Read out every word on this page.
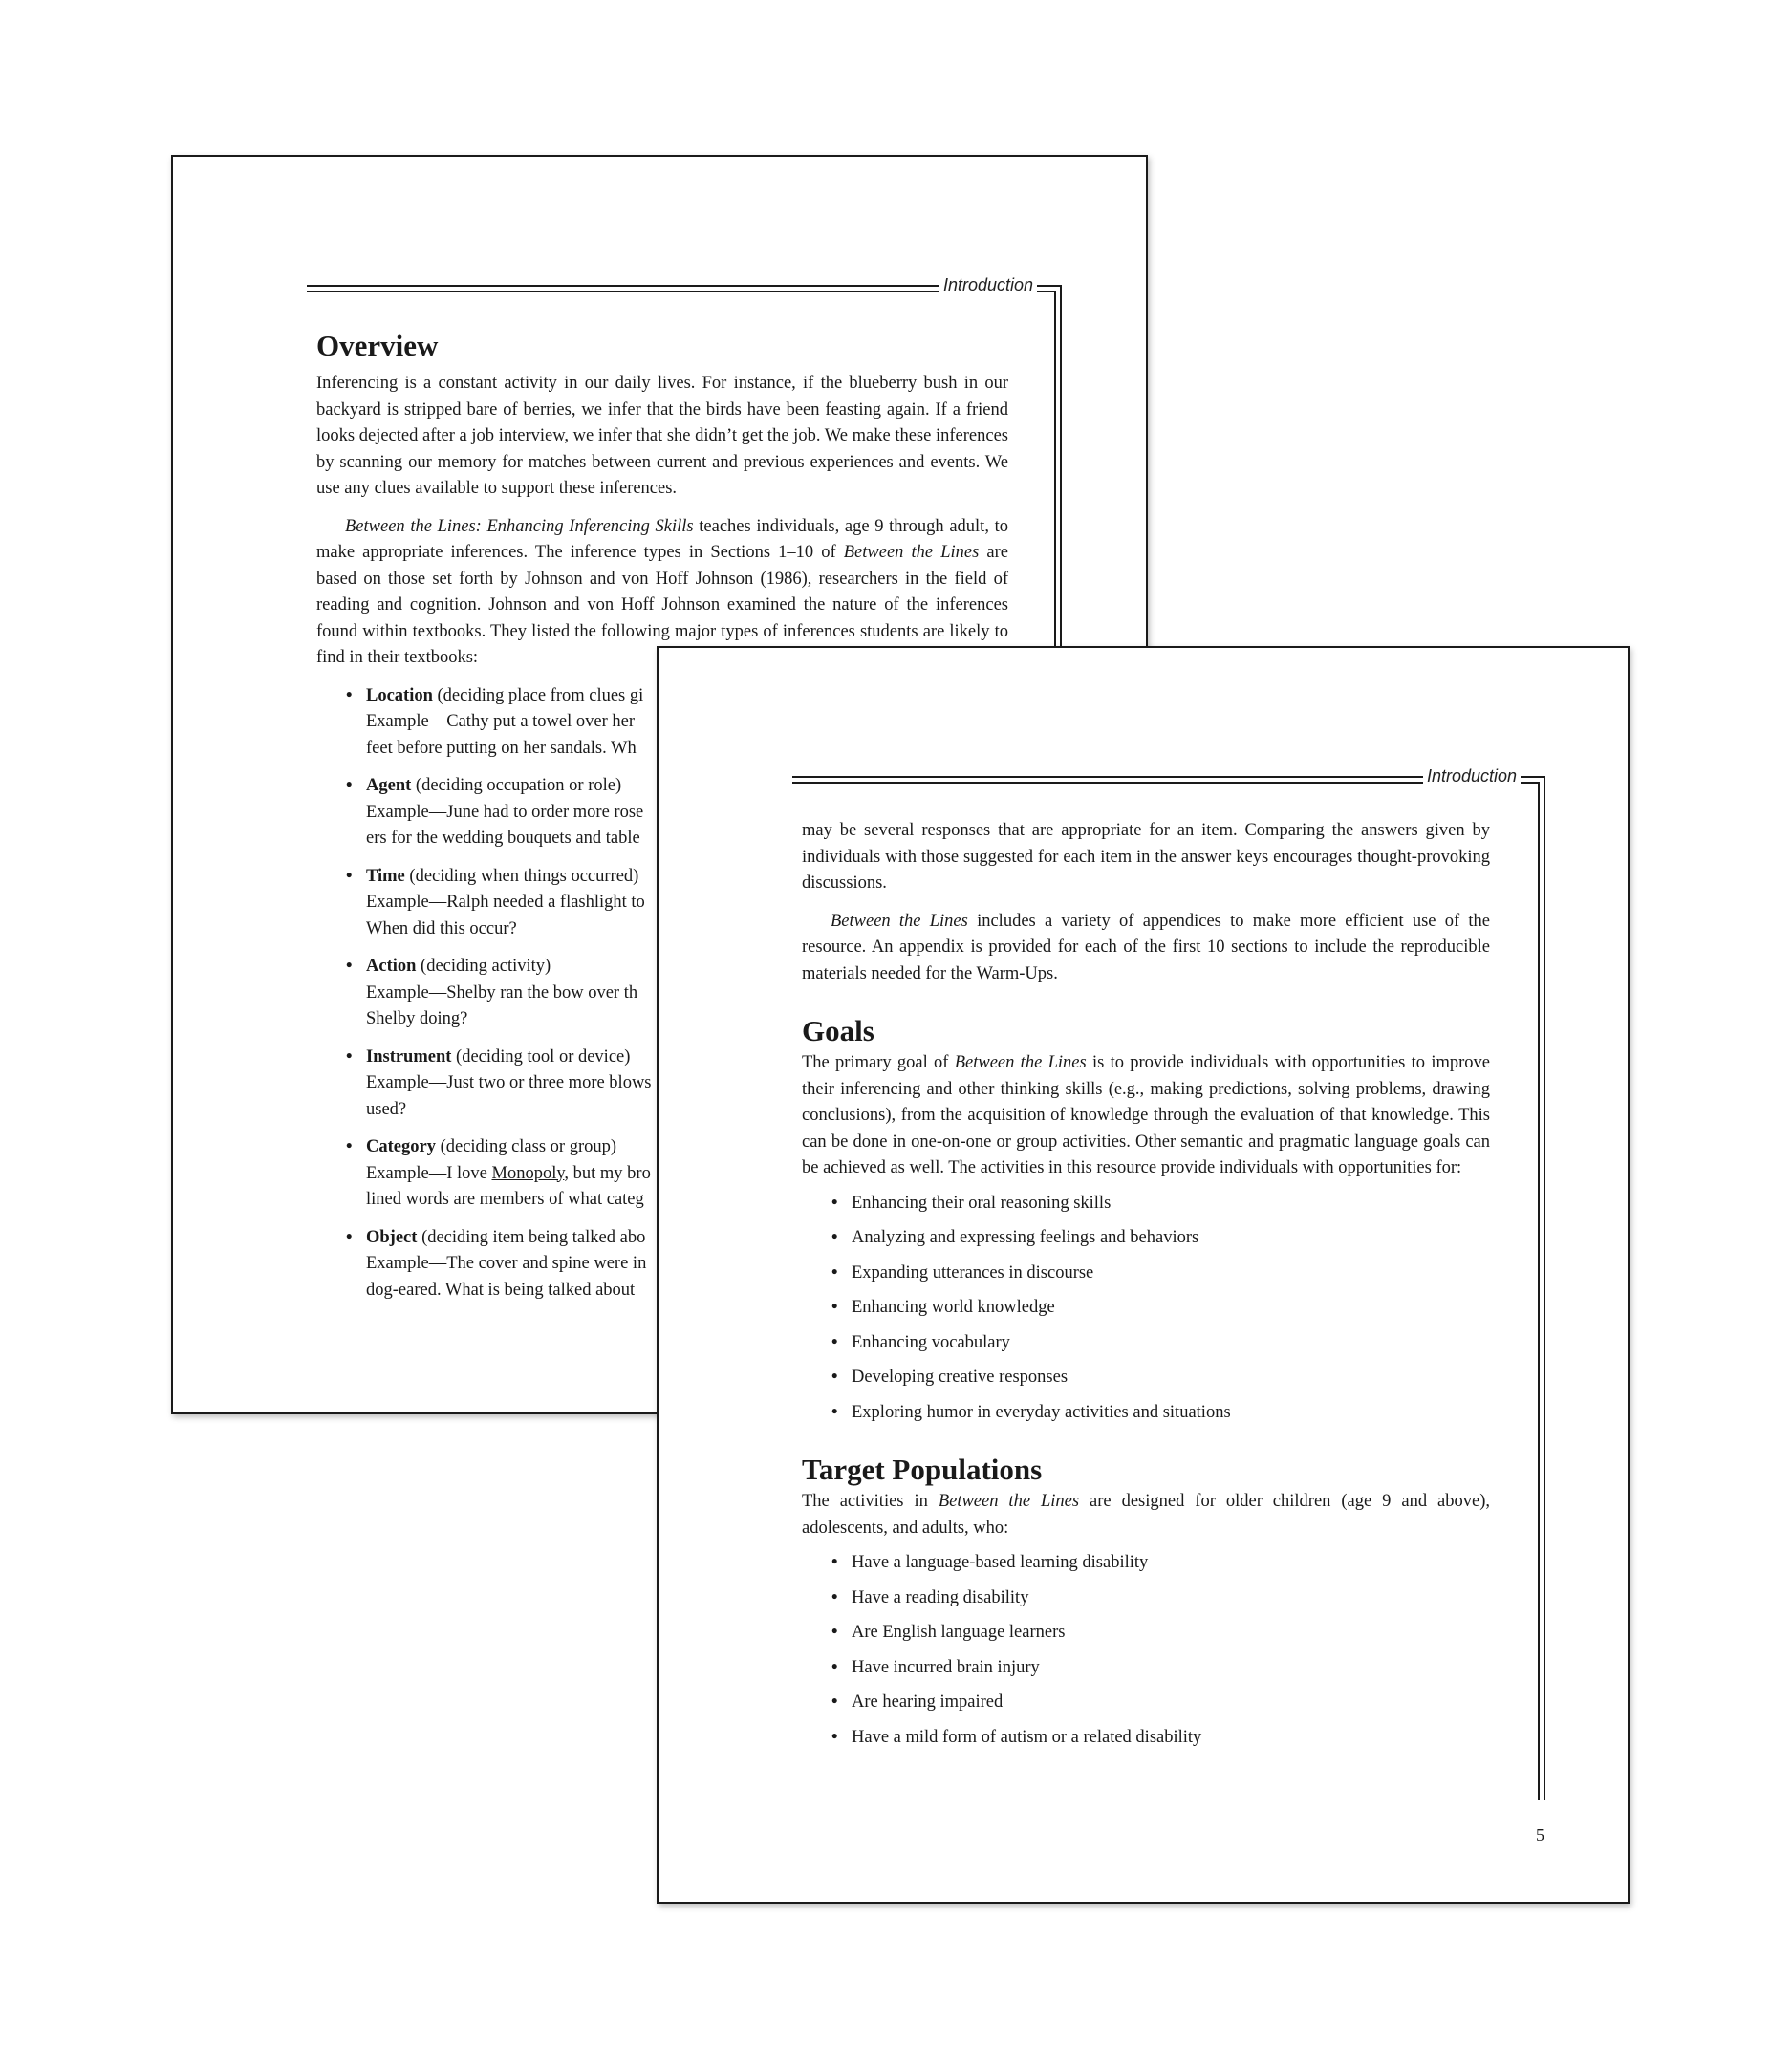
Introduction
Overview

Inferencing is a constant activity in our daily lives. For instance, if the blueberry bush in our backyard is stripped bare of berries, we infer that the birds have been feasting again. If a friend looks dejected after a job interview, we infer that she didn’t get the job. We make these inferences by scanning our memory for matches between current and previous experiences and events. We use any clues available to support these inferences.

Between the Lines: Enhancing Inferencing Skills teaches individuals, age 9 through adult, to make appropriate inferences. The inference types in Sections 1–10 of Between the Lines are based on those set forth by Johnson and von Hoff Johnson (1986), researchers in the field of reading and cognition. Johnson and von Hoff Johnson examined the nature of the inferences found within textbooks. They listed the following major types of inferences students are likely to find in their textbooks:

• Location (deciding place from clues gi
Example—Cathy put a towel over her
feet before putting on her sandals. Wh
• Agent (deciding occupation or role)
Example—June had to order more rose
ers for the wedding bouquets and table
• Time (deciding when things occurred)
Example—Ralph needed a flashlight to
When did this occur?
• Action (deciding activity)
Example—Shelby ran the bow over th
Shelby doing?
• Instrument (deciding tool or device)
Example—Just two or three more blows
used?
• Category (deciding class or group)
Example—I love Monopoly, but my bro
lined words are members of what categ
• Object (deciding item being talked abo
Example—The cover and spine were in
dog-eared. What is being talked about
Introduction

may be several responses that are appropriate for an item. Comparing the answers given by individuals with those suggested for each item in the answer keys encourages thought-provoking discussions.

Between the Lines includes a variety of appendices to make more efficient use of the resource. An appendix is provided for each of the first 10 sections to include the reproducible materials needed for the Warm-Ups.

Goals

The primary goal of Between the Lines is to provide individuals with opportunities to improve their inferencing and other thinking skills (e.g., making predictions, solving problems, drawing conclusions), from the acquisition of knowledge through the evaluation of that knowledge. This can be done in one-on-one or group activities. Other semantic and pragmatic language goals can be achieved as well. The activities in this resource provide individuals with opportunities for:

• Enhancing their oral reasoning skills
• Analyzing and expressing feelings and behaviors
• Expanding utterances in discourse
• Enhancing world knowledge
• Enhancing vocabulary
• Developing creative responses
• Exploring humor in everyday activities and situations
Target Populations

The activities in Between the Lines are designed for older children (age 9 and above), adolescents, and adults, who:

• Have a language-based learning disability
• Have a reading disability
• Are English language learners
• Have incurred brain injury
• Are hearing impaired
• Have a mild form of autism or a related disability
5
